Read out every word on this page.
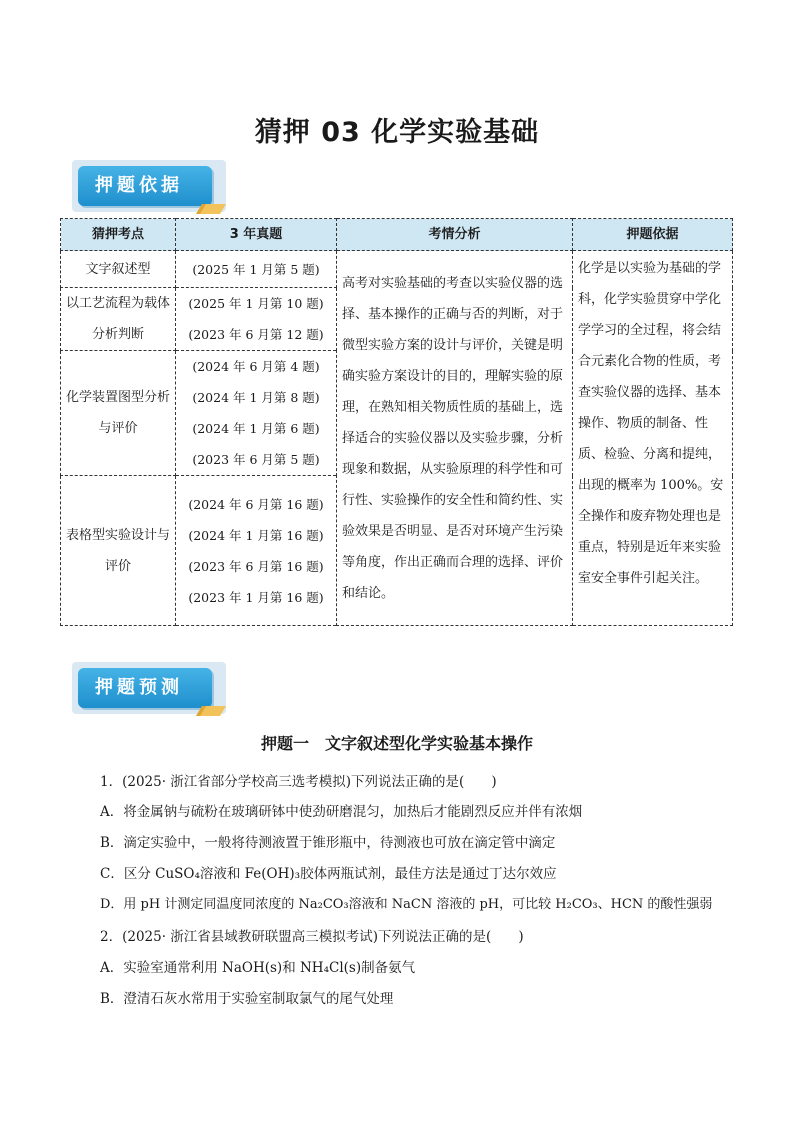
猜押 03 化学实验基础
押题依据
猜押考点	3 年真题	考情分析	押题依据
文字叙述型	(2025 年 1 月第 5 题)	高考对实验基础的考查以实验仪器的选择、基本操作的正确与否的判断，对于微型实验方案的设计与评价，关键是明确实验方案设计的目的，理解实验的原理，在熟知相关物质性质的基础上，选择适合的实验仪器以及实验步骤，分析现象和数据，从实验原理的科学性和可行性、实验操作的安全性和简约性、实验效果是否明显、是否对环境产生污染等角度，作出正确而合理的选择、评价和结论。	化学是以实验为基础的学科，化学实验贯穿中学化学学习的全过程，将会结合元素化合物的性质，考查实验仪器的选择、基本操作、物质的制备、性质、检验、分离和提纯，出现的概率为 100%。安全操作和废弃物处理也是重点，特别是近年来实验室安全事件引起关注。
以工艺流程为载体分析判断	(2025 年 1 月第 10 题)
(2023 年 6 月第 12 题)		

化学装置图型分析与评价	(2024 年 6 月第 4 题)
(2024 年 1 月第 8 题)
(2024 年 1 月第 6 题)
(2023 年 6 月第 5 题)		

表格型实验设计与评价	(2024 年 6 月第 16 题)
(2024 年 1 月第 16 题)
(2023 年 6 月第 16 题)
(2023 年 1 月第 16 题)		
押题预测
押题一　文字叙述型化学实验基本操作
1．(2025· 浙江省部分学校高三选考模拟)下列说法正确的是(　　)
A．将金属钠与硫粉在玻璃研钵中使劲研磨混匀，加热后才能剧烈反应并伴有浓烟
B．滴定实验中，一般将待测液置于锥形瓶中，待测液也可放在滴定管中滴定
C．区分 CuSO₄溶液和 Fe(OH)₃胶体两瓶试剂，最佳方法是通过丁达尔效应
D．用 pH 计测定同温度同浓度的 Na₂CO₃溶液和 NaCN 溶液的 pH，可比较 H₂CO₃、HCN 的酸性强弱
2．(2025· 浙江省县域教研联盟高三模拟考试)下列说法正确的是(　　)
A．实验室通常利用 NaOH(s)和 NH₄Cl(s)制备氨气
B．澄清石灰水常用于实验室制取氯气的尾气处理
